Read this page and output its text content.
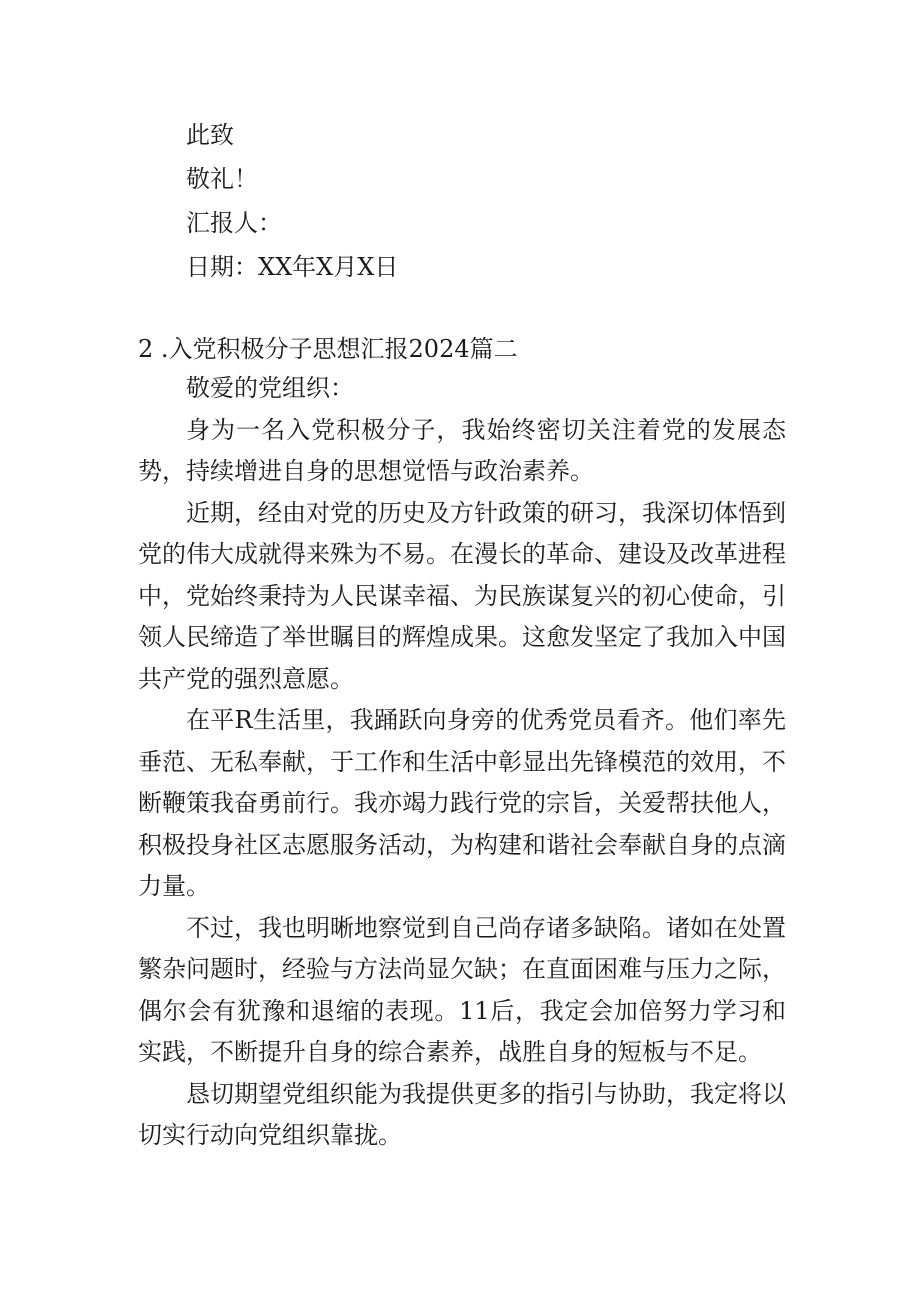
此致

敬礼！

汇报人：

日期：XX年X月X日

2 .入党积极分子思想汇报2024篇二

敬爱的党组织：

身为一名入党积极分子，我始终密切关注着党的发展态势，持续增进自身的思想觉悟与政治素养。

近期，经由对党的历史及方针政策的研习，我深切体悟到党的伟大成就得来殊为不易。在漫长的革命、建设及改革进程中，党始终秉持为人民谋幸福、为民族谋复兴的初心使命，引领人民缔造了举世瞩目的辉煌成果。这愈发坚定了我加入中国共产党的强烈意愿。

在平R生活里，我踊跃向身旁的优秀党员看齐。他们率先垂范、无私奉献，于工作和生活中彰显出先锋模范的效用，不断鞭策我奋勇前行。我亦竭力践行党的宗旨，关爱帮扶他人，积极投身社区志愿服务活动，为构建和谐社会奉献自身的点滴力量。

不过，我也明晰地察觉到自己尚存诸多缺陷。诸如在处置繁杂问题时，经验与方法尚显欠缺；在直面困难与压力之际，偶尔会有犹豫和退缩的表现。11后，我定会加倍努力学习和实践，不断提升自身的综合素养，战胜自身的短板与不足。

恳切期望党组织能为我提供更多的指引与协助，我定将以切实行动向党组织靠拢。
